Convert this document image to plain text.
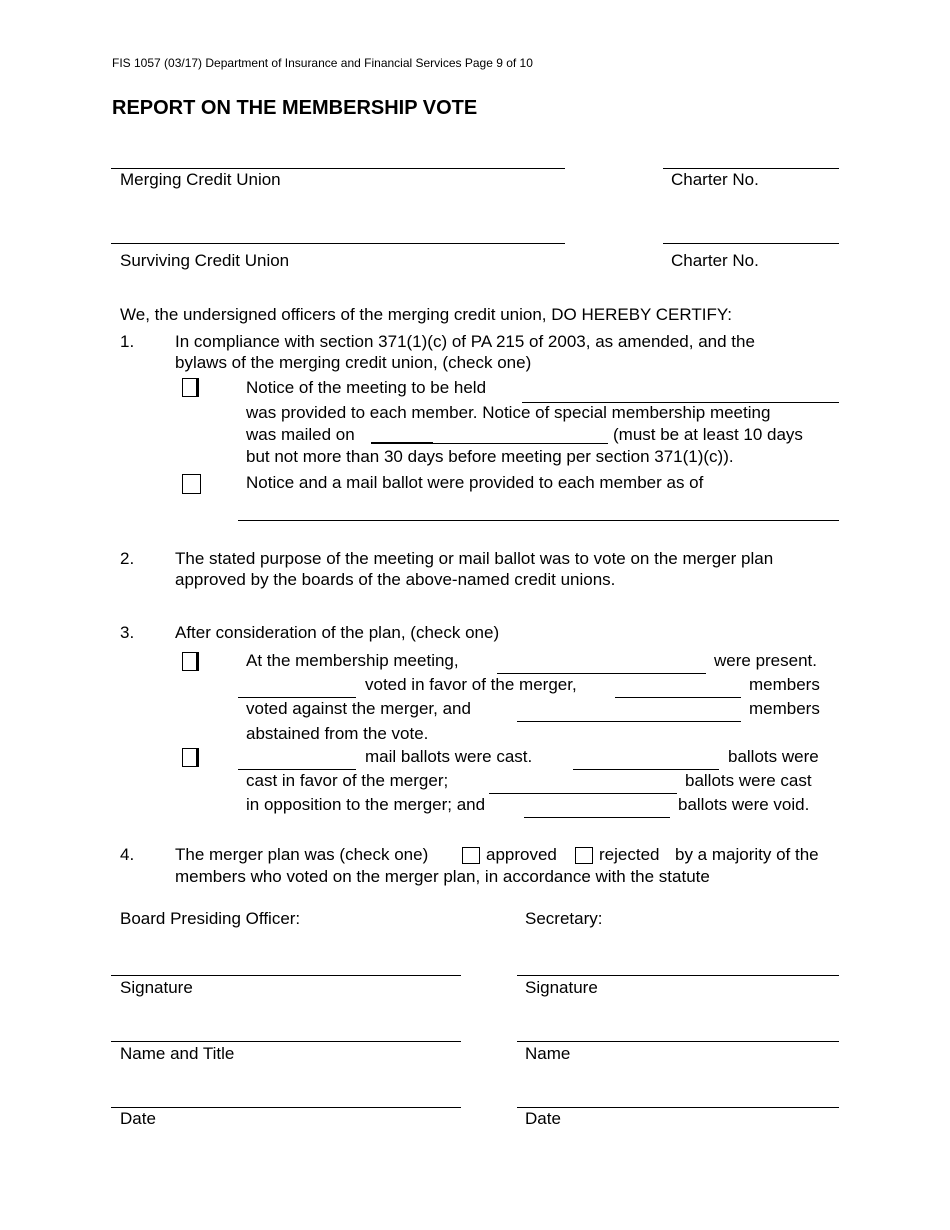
FIS 1057 (03/17) Department of Insurance and Financial Services Page 9 of 10
REPORT ON THE MEMBERSHIP VOTE
Merging Credit Union	Charter No.
Surviving Credit Union	Charter No.
We, the undersigned officers of the merging credit union, DO HEREBY CERTIFY:
1. In compliance with section 371(1)(c) of PA 215 of 2003, as amended, and the
bylaws of the merging credit union, (check one)
Notice of the meeting to be held
was provided to each member. Notice of special membership meeting
was mailed on	(must be at least 10 days
but not more than 30 days before meeting per section 371(1)(c)).
Notice and a mail ballot were provided to each member as of
2. The stated purpose of the meeting or mail ballot was to vote on the merger plan
approved by the boards of the above-named credit unions.
3. After consideration of the plan, (check one)
At the membership meeting,	were present.
voted in favor of the merger,	members
voted against the merger, and	members
abstained from the vote.
mail ballots were cast.	ballots were
cast in favor of the merger;	ballots were cast
in opposition to the merger; and	ballots were void.
4. The merger plan was (check one)	approved rejected by a majority of the
members who voted on the merger plan, in accordance with the statute
Board Presiding Officer:	Secretary:
Signature	Signature
Name and Title	Name
Date	Date
